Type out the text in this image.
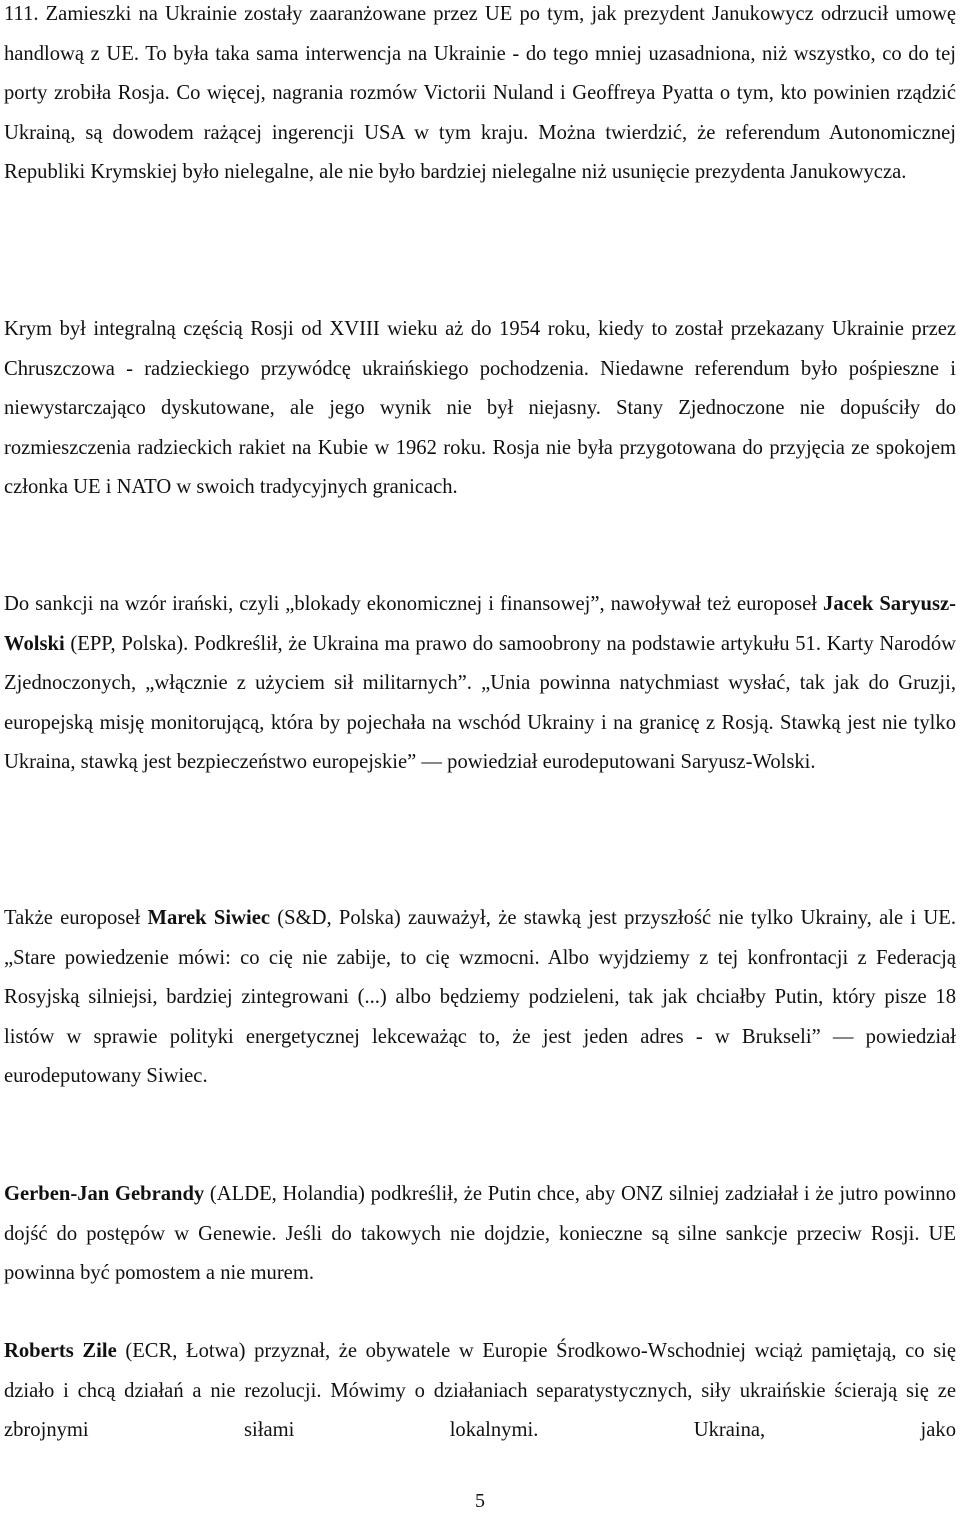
111. Zamieszki na Ukrainie zostały zaaranżowane przez UE po tym, jak prezydent Janukowycz odrzucił umowę handlową z UE. To była taka sama interwencja na Ukrainie - do tego mniej uzasadniona, niż wszystko, co do tej porty zrobiła Rosja. Co więcej, nagrania rozmów Victorii Nuland i Geoffreya Pyatta o tym, kto powinien rządzić Ukrainą, są dowodem rażącej ingerencji USA w tym kraju. Można twierdzić, że referendum Autonomicznej Republiki Krymskiej było nielegalne, ale nie było bardziej nielegalne niż usunięcie prezydenta Janukowycza.

Krym był integralną częścią Rosji od XVIII wieku aż do 1954 roku, kiedy to został przekazany Ukrainie przez Chruszczowa - radzieckiego przywódcę ukraińskiego pochodzenia. Niedawne referendum było pośpieszne i niewystarczająco dyskutowane, ale jego wynik nie był niejasny. Stany Zjednoczone nie dopuściły do rozmieszczenia radzieckich rakiet na Kubie w 1962 roku. Rosja nie była przygotowana do przyjęcia ze spokojem członka UE i NATO w swoich tradycyjnych granicach.

Do sankcji na wzór irański, czyli „blokady ekonomicznej i finansowej”, nawoływał też europoseł Jacek Saryusz-Wolski (EPP, Polska). Podkreślił, że Ukraina ma prawo do samoobrony na podstawie artykułu 51. Karty Narodów Zjednoczonych, „włącznie z użyciem sił militarnych”. „Unia powinna natychmiast wysłać, tak jak do Gruzji, europejską misję monitorującą, która by pojechała na wschód Ukrainy i na granicę z Rosją. Stawką jest nie tylko Ukraina, stawką jest bezpieczeństwo europejskie” — powiedział eurodeputowani Saryusz-Wolski.

Także europoseł Marek Siwiec (S&D, Polska) zauważył, że stawką jest przyszłość nie tylko Ukrainy, ale i UE. „Stare powiedzenie mówi: co cię nie zabije, to cię wzmocni. Albo wyjdziemy z tej konfrontacji z Federacją Rosyjską silniejsi, bardziej zintegrowani (...) albo będziemy podzieleni, tak jak chciałby Putin, który pisze 18 listów w sprawie polityki energetycznej lekceważąc to, że jest jeden adres - w Brukseli” — powiedział eurodeputowany Siwiec.

Gerben-Jan Gebrandy (ALDE, Holandia) podkreślił, że Putin chce, aby ONZ silniej zadziałał i że jutro powinno dojść do postępów w Genewie. Jeśli do takowych nie dojdzie, konieczne są silne sankcje przeciw Rosji. UE powinna być pomostem a nie murem.

Roberts Zile (ECR, Łotwa) przyznał, że obywatele w Europie Środkowo-Wschodniej wciąż pamiętają, co się działo i chcą działań a nie rezolucji. Mówimy o działaniach separatystycznych, siły ukraińskie ścierają się ze zbrojnymi siłami lokalnymi. Ukraina, jako

5
